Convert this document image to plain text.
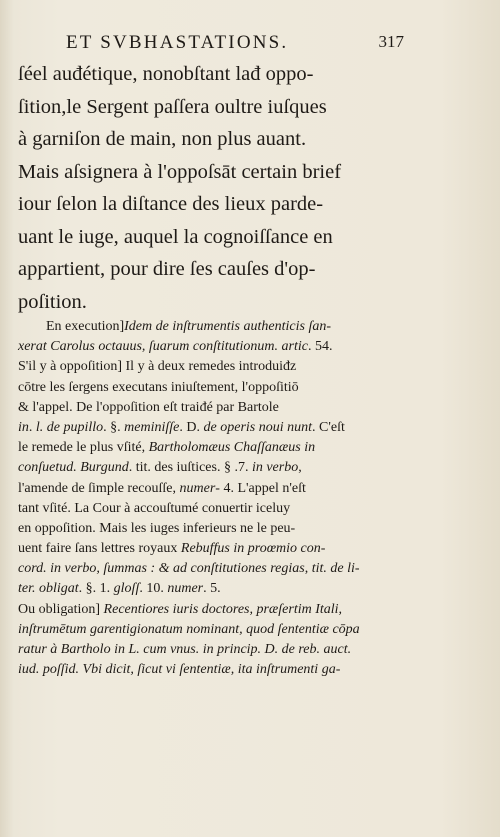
ET SVBHASTATIONS.	317
ſéel auđétique, nonobſtant lađ oppo-
ſition,le Sergent paſſera oultre iuſques
à garniſon de main, non plus auant.
Mais aſsignera à l'oppoſsāt certain brief
iour ſelon la diſtance des lieux parde-
uant le iuge, auquel la cognoiſſance en
appartient, pour dire ſes cauſes d'op-
poſition.
En execution]Idem de inſtrumentis authenticis ſan-
xerat Carolus octauus, ſuarum conſtitutionum. artic. 54.
S'il y à oppoſition] Il y à deux remedes introduiđz
cōtre les ſergens executans iniuſtement, l'oppoſitiō
& l'appel. De l'oppoſition eſt traiđé par Bartole
in. l. de pupillo. §. meminiſſe. D. de operis noui nunt. C'eſt
le remede le plus vſité, Bartholomæus Chaſſanæus in
conſuetud. Burgund. tit. des iuſtices. § .7. in verbo,
l'amende de ſimple recouſſe, numer- 4. L'appel n'eſt
tant vſité. La Cour à accouſtumé conuertir iceluy
en oppoſition. Mais les iuges inferieurs ne le peu-
uent faire ſans lettres royaux Rebuffus in proœmio con-
cord. in verbo, ſummas : & ad conſtitutiones regias, tit. de li-
ter. obligat. §. 1. gloſſ. 10. numer. 5.
Ou obligation] Recentiores iuris doctores, præſertim Itali,
inſtrumētum garentigionatum nominant, quod ſententiæ cōpa
ratur à Bartholo in L. cum vnus. in princip. D. de reb. auct.
iud. poſſid. Vbi dicit, ſicut vi ſententiæ, ita inſtrumenti ga-
